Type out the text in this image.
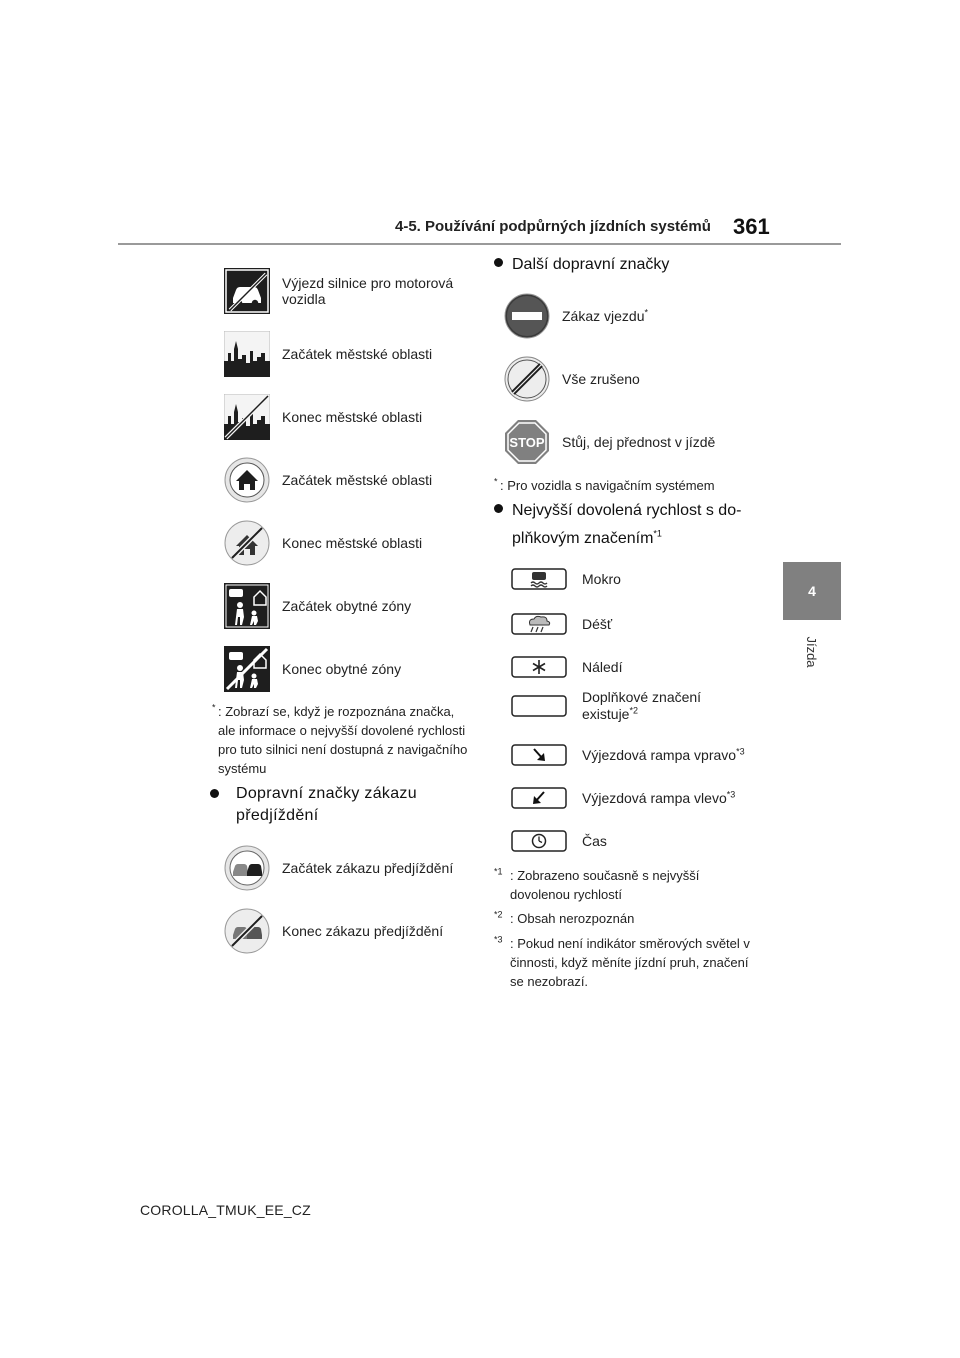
4-5. Používání podpůrných jízdních systémů 361
4
Jízda
Výjezd silnice pro motorová vozidla
Začátek městské oblasti
Konec městské oblasti
Začátek městské oblasti
Konec městské oblasti
Začátek obytné zóny
Konec obytné zóny
* : Zobrazí se, když je rozpoznána značka, ale informace o nejvyšší dovolené rychlosti pro tuto silnici není dostupná z navigačního systému
Dopravní značky zákazu předjíždění
Začátek zákazu předjíždění
Konec zákazu předjíždění
Další dopravní značky
Zákaz vjezdu*
Vše zrušeno
STOP Stůj, dej přednost v jízdě
* : Pro vozidla s navigačním systémem
Nejvyšší dovolená rychlost s do-
plňkovým značením$^{*1}$
Mokro
Déšť
Náledí
Doplňkové značení existuje$^{*2}$
Výjezdová rampa vpravo$^{*3}$
Výjezdová rampa vlevo$^{*3}$
Čas
$^{*1}$ : Zobrazeno současně s nejvyšší dovolenou rychlostí
$^{*2}$ : Obsah nerozpoznán
$^{*3}$ : Pokud není indikátor směrových světel v činnosti, když měníte jízdní pruh, značení se nezobrazí.
COROLLA_TMUK_EE_CZ
